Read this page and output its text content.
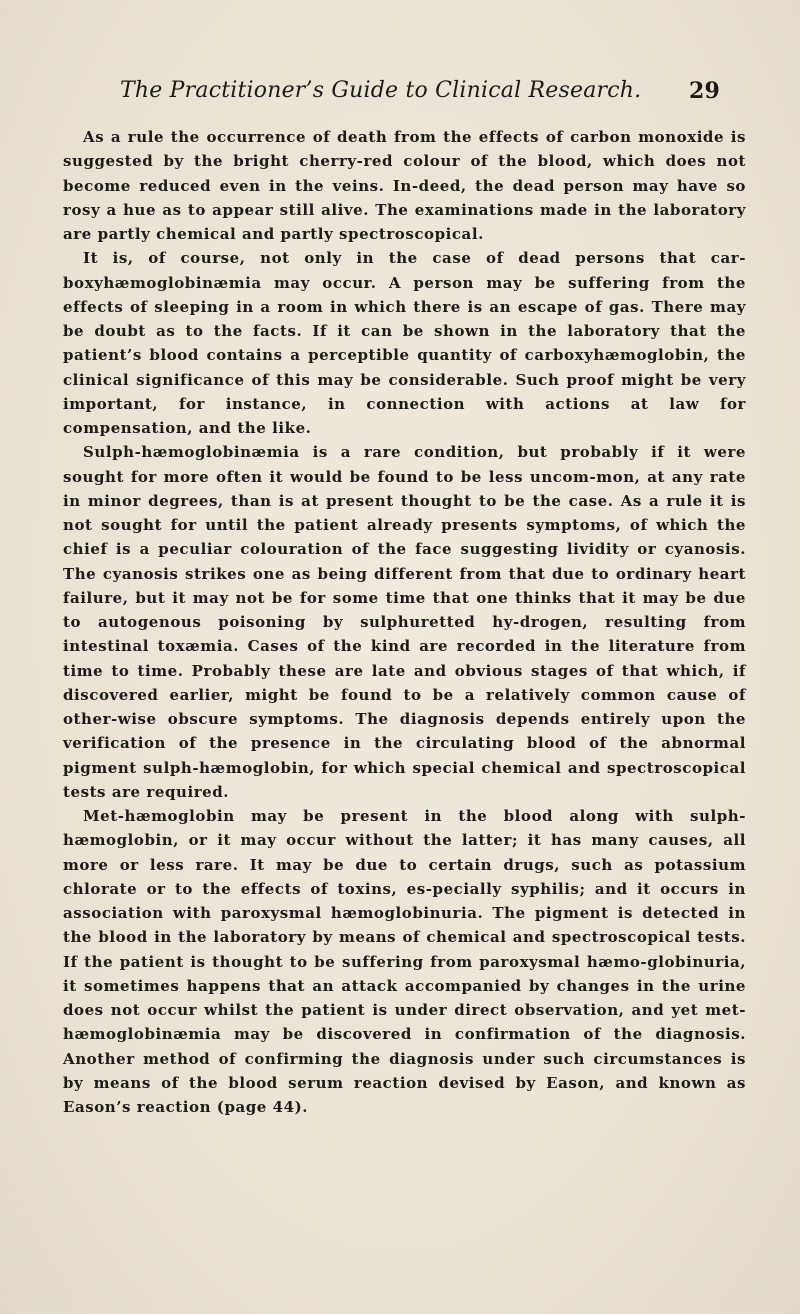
The Practitioner’s Guide to Clinical Research. 29

As a rule the occurrence of death from the effects of carbon monoxide is suggested by the bright cherry-red colour of the blood, which does not become reduced even in the veins. In-deed, the dead person may have so rosy a hue as to appear still alive. The examinations made in the laboratory are partly chemical and partly spectroscopical.

It is, of course, not only in the case of dead persons that car-boxyhæmoglobinæmia may occur. A person may be suffering from the effects of sleeping in a room in which there is an escape of gas. There may be doubt as to the facts. If it can be shown in the laboratory that the patient’s blood contains a perceptible quantity of carboxyhæmoglobin, the clinical significance of this may be considerable. Such proof might be very important, for instance, in connection with actions at law for compensation, and the like.

Sulph-hæmoglobinæmia is a rare condition, but probably if it were sought for more often it would be found to be less uncom-mon, at any rate in minor degrees, than is at present thought to be the case. As a rule it is not sought for until the patient already presents symptoms, of which the chief is a peculiar colouration of the face suggesting lividity or cyanosis. The cyanosis strikes one as being different from that due to ordinary heart failure, but it may not be for some time that one thinks that it may be due to autogenous poisoning by sulphuretted hy-drogen, resulting from intestinal toxæmia. Cases of the kind are recorded in the literature from time to time. Probably these are late and obvious stages of that which, if discovered earlier, might be found to be a relatively common cause of other-wise obscure symptoms. The diagnosis depends entirely upon the verification of the presence in the circulating blood of the abnormal pigment sulph-hæmoglobin, for which special chemical and spectroscopical tests are required.

Met-hæmoglobin may be present in the blood along with sulph-hæmoglobin, or it may occur without the latter; it has many causes, all more or less rare. It may be due to certain drugs, such as potassium chlorate or to the effects of toxins, es-pecially syphilis; and it occurs in association with paroxysmal hæmoglobinuria. The pigment is detected in the blood in the laboratory by means of chemical and spectroscopical tests. If the patient is thought to be suffering from paroxysmal hæmo-globinuria, it sometimes happens that an attack accompanied by changes in the urine does not occur whilst the patient is under direct observation, and yet met-hæmoglobinæmia may be discovered in confirmation of the diagnosis. Another method of confirming the diagnosis under such circumstances is by means of the blood serum reaction devised by Eason, and known as Eason’s reaction (page 44).
